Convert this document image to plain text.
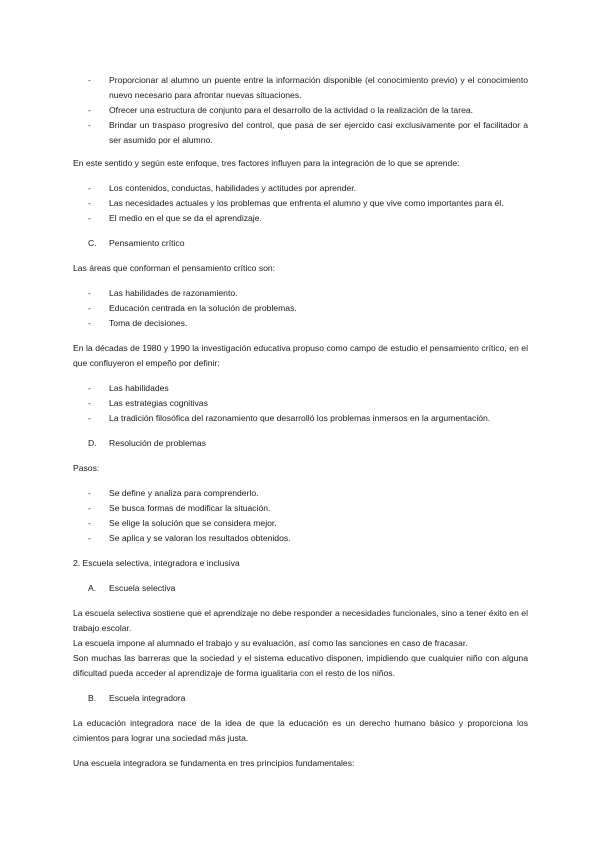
- Proporcionar al alumno un puente entre la información disponible (el conocimiento previo) y el conocimiento nuevo necesario para afrontar nuevas situaciones.
- Ofrecer una estructura de conjunto para el desarrollo de la actividad o la realización de la tarea.
- Brindar un traspaso progresivo del control, que pasa de ser ejercido casi exclusivamente por el facilitador a ser asumido por el alumno.

En este sentido y según este enfoque, tres factores influyen para la integración de lo que se aprende:

- Los contenidos, conductas, habilidades y actitudes por aprender.
- Las necesidades actuales y los problemas que enfrenta el alumno y que vive como importantes para él.
- El medio en el que se da el aprendizaje.
C. Pensamiento crítico

Las áreas que conforman el pensamiento crítico son:

- Las habilidades de razonamiento.
- Educación centrada en la solución de problemas.
- Toma de decisiones.

En la décadas de 1980 y 1990 la investigación educativa propuso como campo de estudio el pensamiento crítico, en el que confluyeron el empeño por definir:

- Las habilidades
- Las estrategias cognitivas
- La tradición filosófica del razonamiento que desarrolló los problemas inmersos en la argumentación.
D. Resolución de problemas

Pasos:

- Se define y analiza para comprenderlo.
- Se busca formas de modificar la situación.
- Se elige la solución que se considera mejor.
- Se aplica y se valoran los resultados obtenidos.

2. Escuela selectiva, integradora e inclusiva

A. Escuela selectiva

La escuela selectiva sostiene que el aprendizaje no debe responder a necesidades funcionales, sino a tener éxito en el trabajo escolar.

La escuela impone al alumnado el trabajo y su evaluación, así como las sanciones en caso de fracasar.

Son muchas las barreras que la sociedad y el sistema educativo disponen, impidiendo que cualquier niño con alguna dificultad pueda acceder al aprendizaje de forma igualitaria con el resto de los niños.

B. Escuela integradora

La educación integradora nace de la idea de que la educación es un derecho humano básico y proporciona los cimientos para lograr una sociedad más justa.

Una escuela integradora se fundamenta en tres principios fundamentales:
